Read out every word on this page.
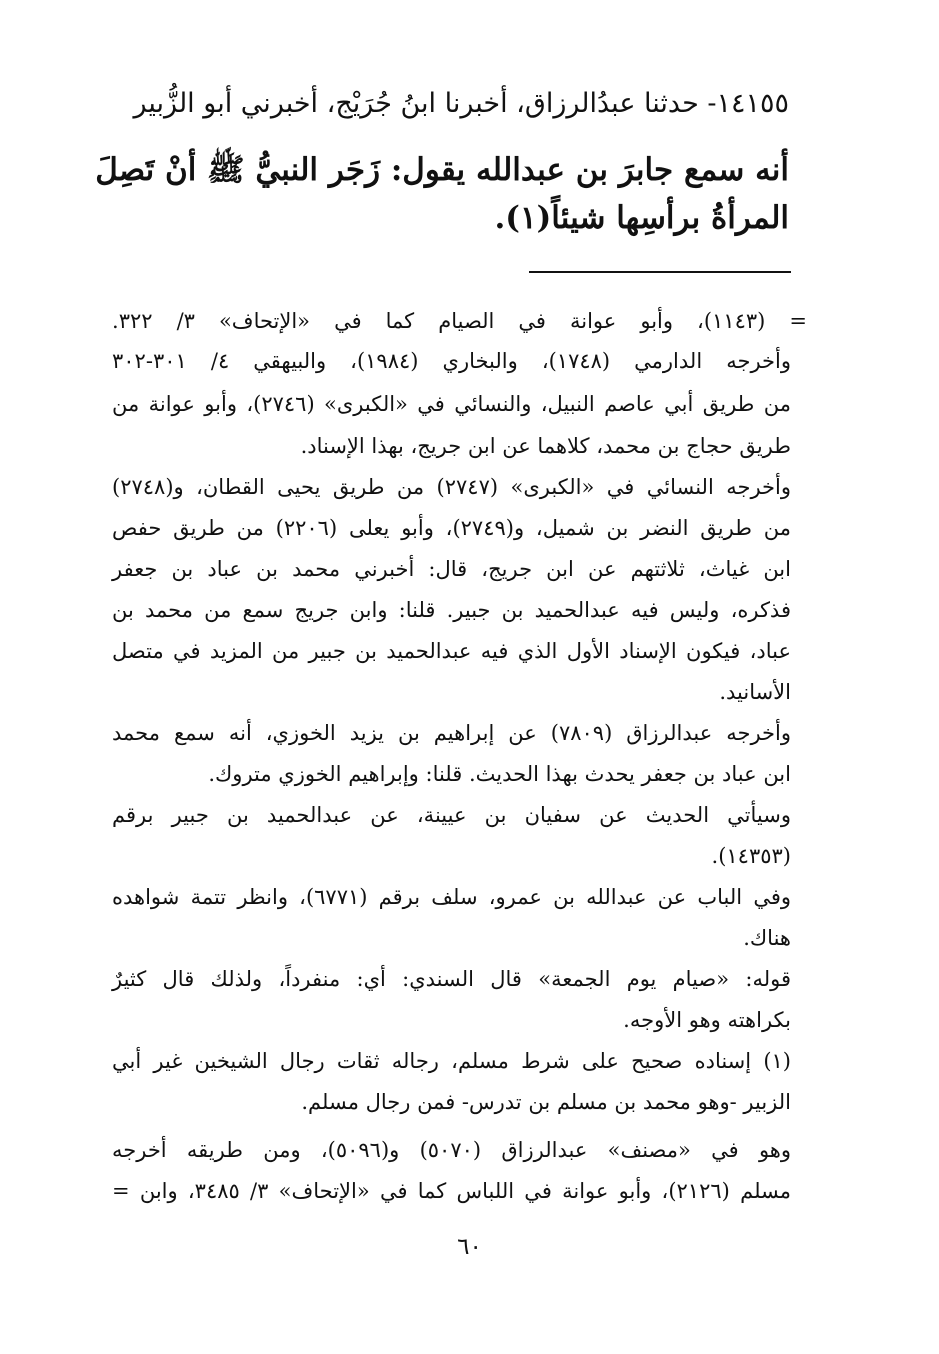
١٤١٥٥- حدثنا عبدُالرزاق، أخبرنا ابنُ جُرَيْج، أخبرني أبو الزُّبير

أنه سمع جابرَ بن عبدالله يقول: زَجَر النبيُّ ﷺ أنْ تَصِلَ

المرأةُ برأسِها شيئاً(١).

= (١١٤٣)، وأبو عوانة في الصيام كما في «الإتحاف» ٣/ ٣٢٢.

وأخرجه الدارمي (١٧٤٨)، والبخاري (١٩٨٤)، والبيهقي ٤/ ٣٠١-٣٠٢

من طريق أبي عاصم النبيل، والنسائي في «الكبرى» (٢٧٤٦)، وأبو عوانة من

طريق حجاج بن محمد، كلاهما عن ابن جريج، بهذا الإسناد.

وأخرجه النسائي في «الكبرى» (٢٧٤٧) من طريق يحيى القطان، و(٢٧٤٨)

من طريق النضر بن شميل، و(٢٧٤٩)، وأبو يعلى (٢٢٠٦) من طريق حفص

ابن غياث، ثلاثتهم عن ابن جريج، قال: أخبرني محمد بن عباد بن جعفر

فذكره، وليس فيه عبدالحميد بن جبير. قلنا: وابن جريج سمع من محمد بن

عباد، فيكون الإسناد الأول الذي فيه عبدالحميد بن جبير من المزيد في متصل

الأسانيد.

وأخرجه عبدالرزاق (٧٨٠٩) عن إبراهيم بن يزيد الخوزي، أنه سمع محمد

ابن عباد بن جعفر يحدث بهذا الحديث. قلنا: وإبراهيم الخوزي متروك.

وسيأتي الحديث عن سفيان بن عيينة، عن عبدالحميد بن جبير برقم

(١٤٣٥٣).

وفي الباب عن عبدالله بن عمرو، سلف برقم (٦٧٧١)، وانظر تتمة شواهده

هناك.

قوله: «صيام يوم الجمعة» قال السندي: أي: منفرداً، ولذلك قال كثيرٌ

بكراهته وهو الأوجه.

(١) إسناده صحيح على شرط مسلم، رجاله ثقات رجال الشيخين غير أبي

الزبير -وهو محمد بن مسلم بن تدرس- فمن رجال مسلم.

وهو في «مصنف» عبدالرزاق (٥٠٧٠) و(٥٠٩٦)، ومن طريقه أخرجه

مسلم (٢١٢٦)، وأبو عوانة في اللباس كما في «الإتحاف» ٣/ ٣٤٨٥، وابن =

٦٠
